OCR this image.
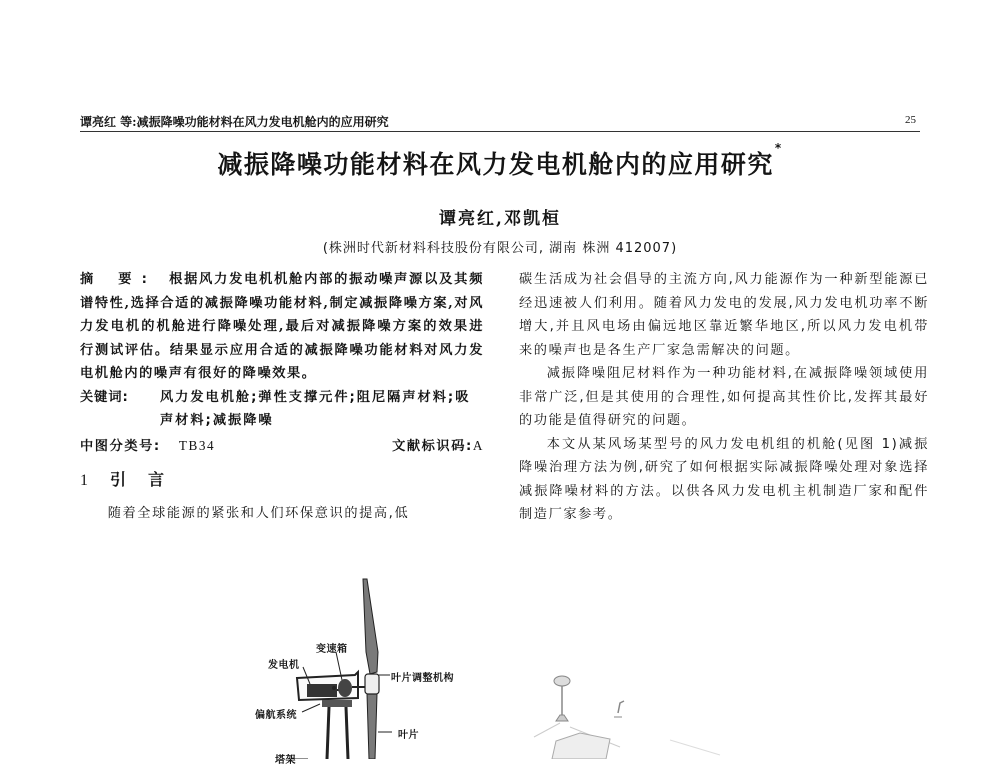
谭亮红 等:减振降噪功能材料在风力发电机舱内的应用研究	25
减振降噪功能材料在风力发电机舱内的应用研究*
谭亮红,邓凯桓
(株洲时代新材料科技股份有限公司, 湖南 株洲 412007)
摘 要: 根据风力发电机机舱内部的振动噪声源以及其频谱特性,选择合适的减振降噪功能材料,制定减振降噪方案,对风力发电机的机舱进行降噪处理,最后对减振降噪方案的效果进行测试评估。结果显示应用合适的减振降噪功能材料对风力发电机舱内的噪声有很好的降噪效果。
关键词:	风力发电机舱;弹性支撑元件;阻尼隔声材料;吸声材料;减振降噪
中图分类号: TB34	文献标识码:A
1 引言
随着全球能源的紧张和人们环保意识的提高,低
碳生活成为社会倡导的主流方向,风力能源作为一种新型能源已经迅速被人们利用。随着风力发电的发展,风力发电机功率不断增大,并且风电场由偏远地区靠近繁华地区,所以风力发电机带来的噪声也是各生产厂家急需解决的问题。
减振降噪阻尼材料作为一种功能材料,在减振降噪领域使用非常广泛,但是其使用的合理性,如何提高其性价比,发挥其最好的功能是值得研究的问题。
本文从某风场某型号的风力发电机组的机舱(见图 1)减振降噪治理方法为例,研究了如何根据实际减振降噪处理对象选择减振降噪材料的方法。以供各风力发电机主机制造厂家和配件制造厂家参考。
变速箱
发电机
叶片调整机构
偏航系统
叶片
塔架
